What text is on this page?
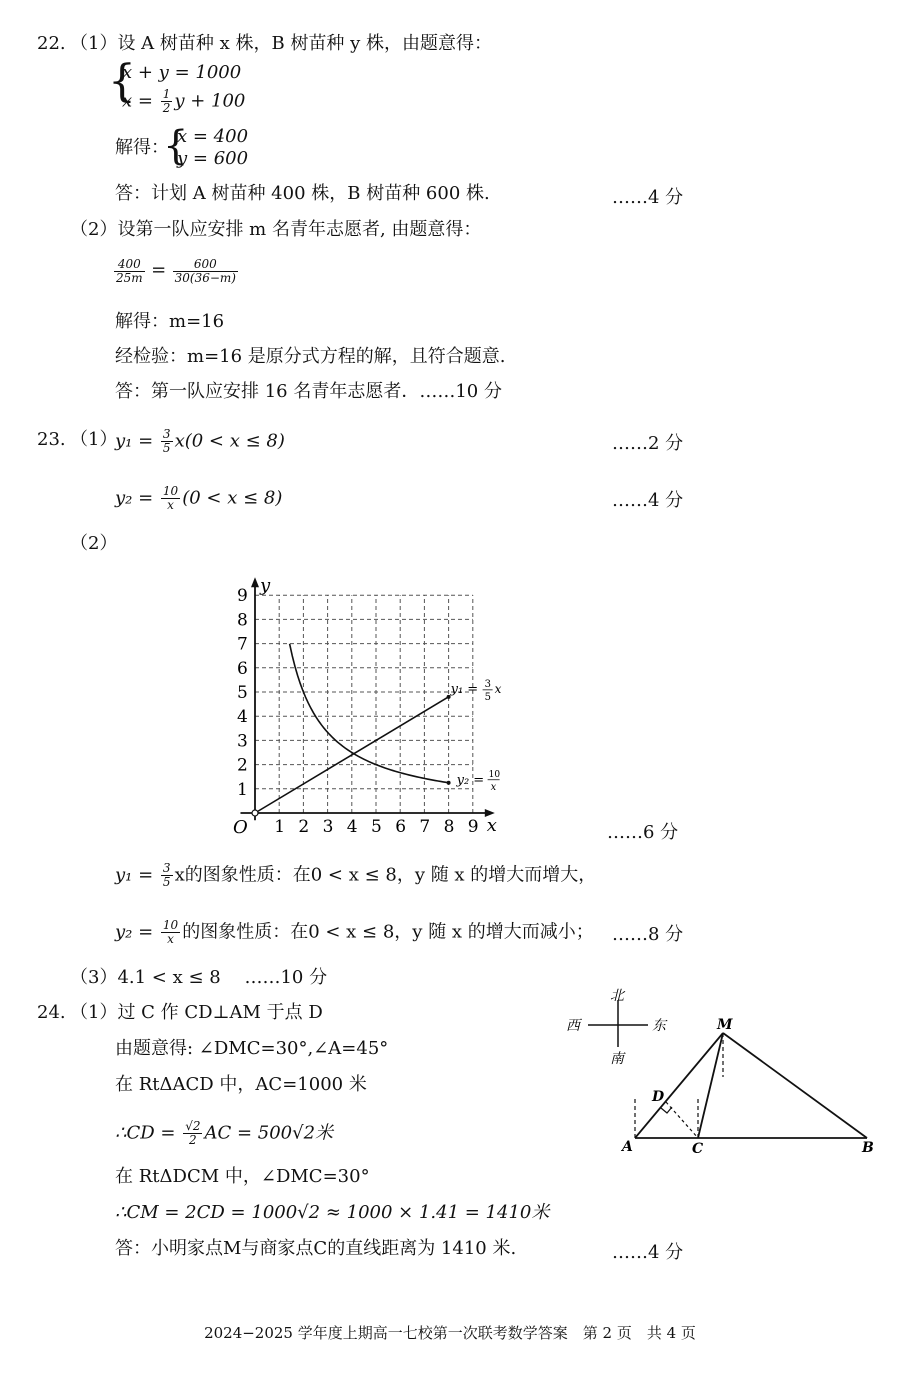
22. （1）设 A 树苗种 x 株，B 树苗种 y 株，由题意得：
{
x + y = 1000
$x = \frac{1}{2}$ y + 100
解得：
{
x = 400
y = 600
答：计划 A 树苗种 400 株，B 树苗种 600 株.	……4 分
（2）设第一队应安排 m 名青年志愿者, 由题意得：
$\frac{400}{25m} = \frac{600}{30(36-m)}$
解得：m=16
经检验：m=16 是原分式方程的解，且符合题意.
答：第一队应安排 16 名青年志愿者．……10 分
23. （1）
$y_1 = \frac{3}{5} x(0 < x \le 8)$	……2 分
$y_2 = \frac{10}{x} (0 < x \le 8)$	……4 分
（2）
1 2 3 4 5 6 7 8 9
1
2
3
4
5
6
7
8
9
O	x
y
y₁ = 3
5
x
y₂ = 10
x
……6 分
$y_1 = \frac{3}{5}$ x的图象性质：在0 < x ≤ 8，y 随 x 的增大而增大，
$y_2 = \frac{10}{x}$ 的图象性质：在0 < x ≤ 8，y 随 x 的增大而减小； ……8 分
（3）4.1 < x ≤ 8　 ……10 分
24. （1）过 C 作 CD⊥AM 于点 D
由题意得: ∠DMC=30°,∠A=45°
在 RtΔACD 中，AC=1000 米
∴CD = $\frac{√2}{2}$ AC = 500√2米
在 RtΔDCM 中，∠DMC=30°
∴CM = 2CD = 1000√2 ≈ 1000 × 1.41 = 1410米
答：小明家点M与商家点C的直线距离为 1410 米.	……4 分
北
南
西	东	M
D
A	C	B
2024−2025 学年度上期高一七校第一次联考数学答案　第 2 页　共 4 页
